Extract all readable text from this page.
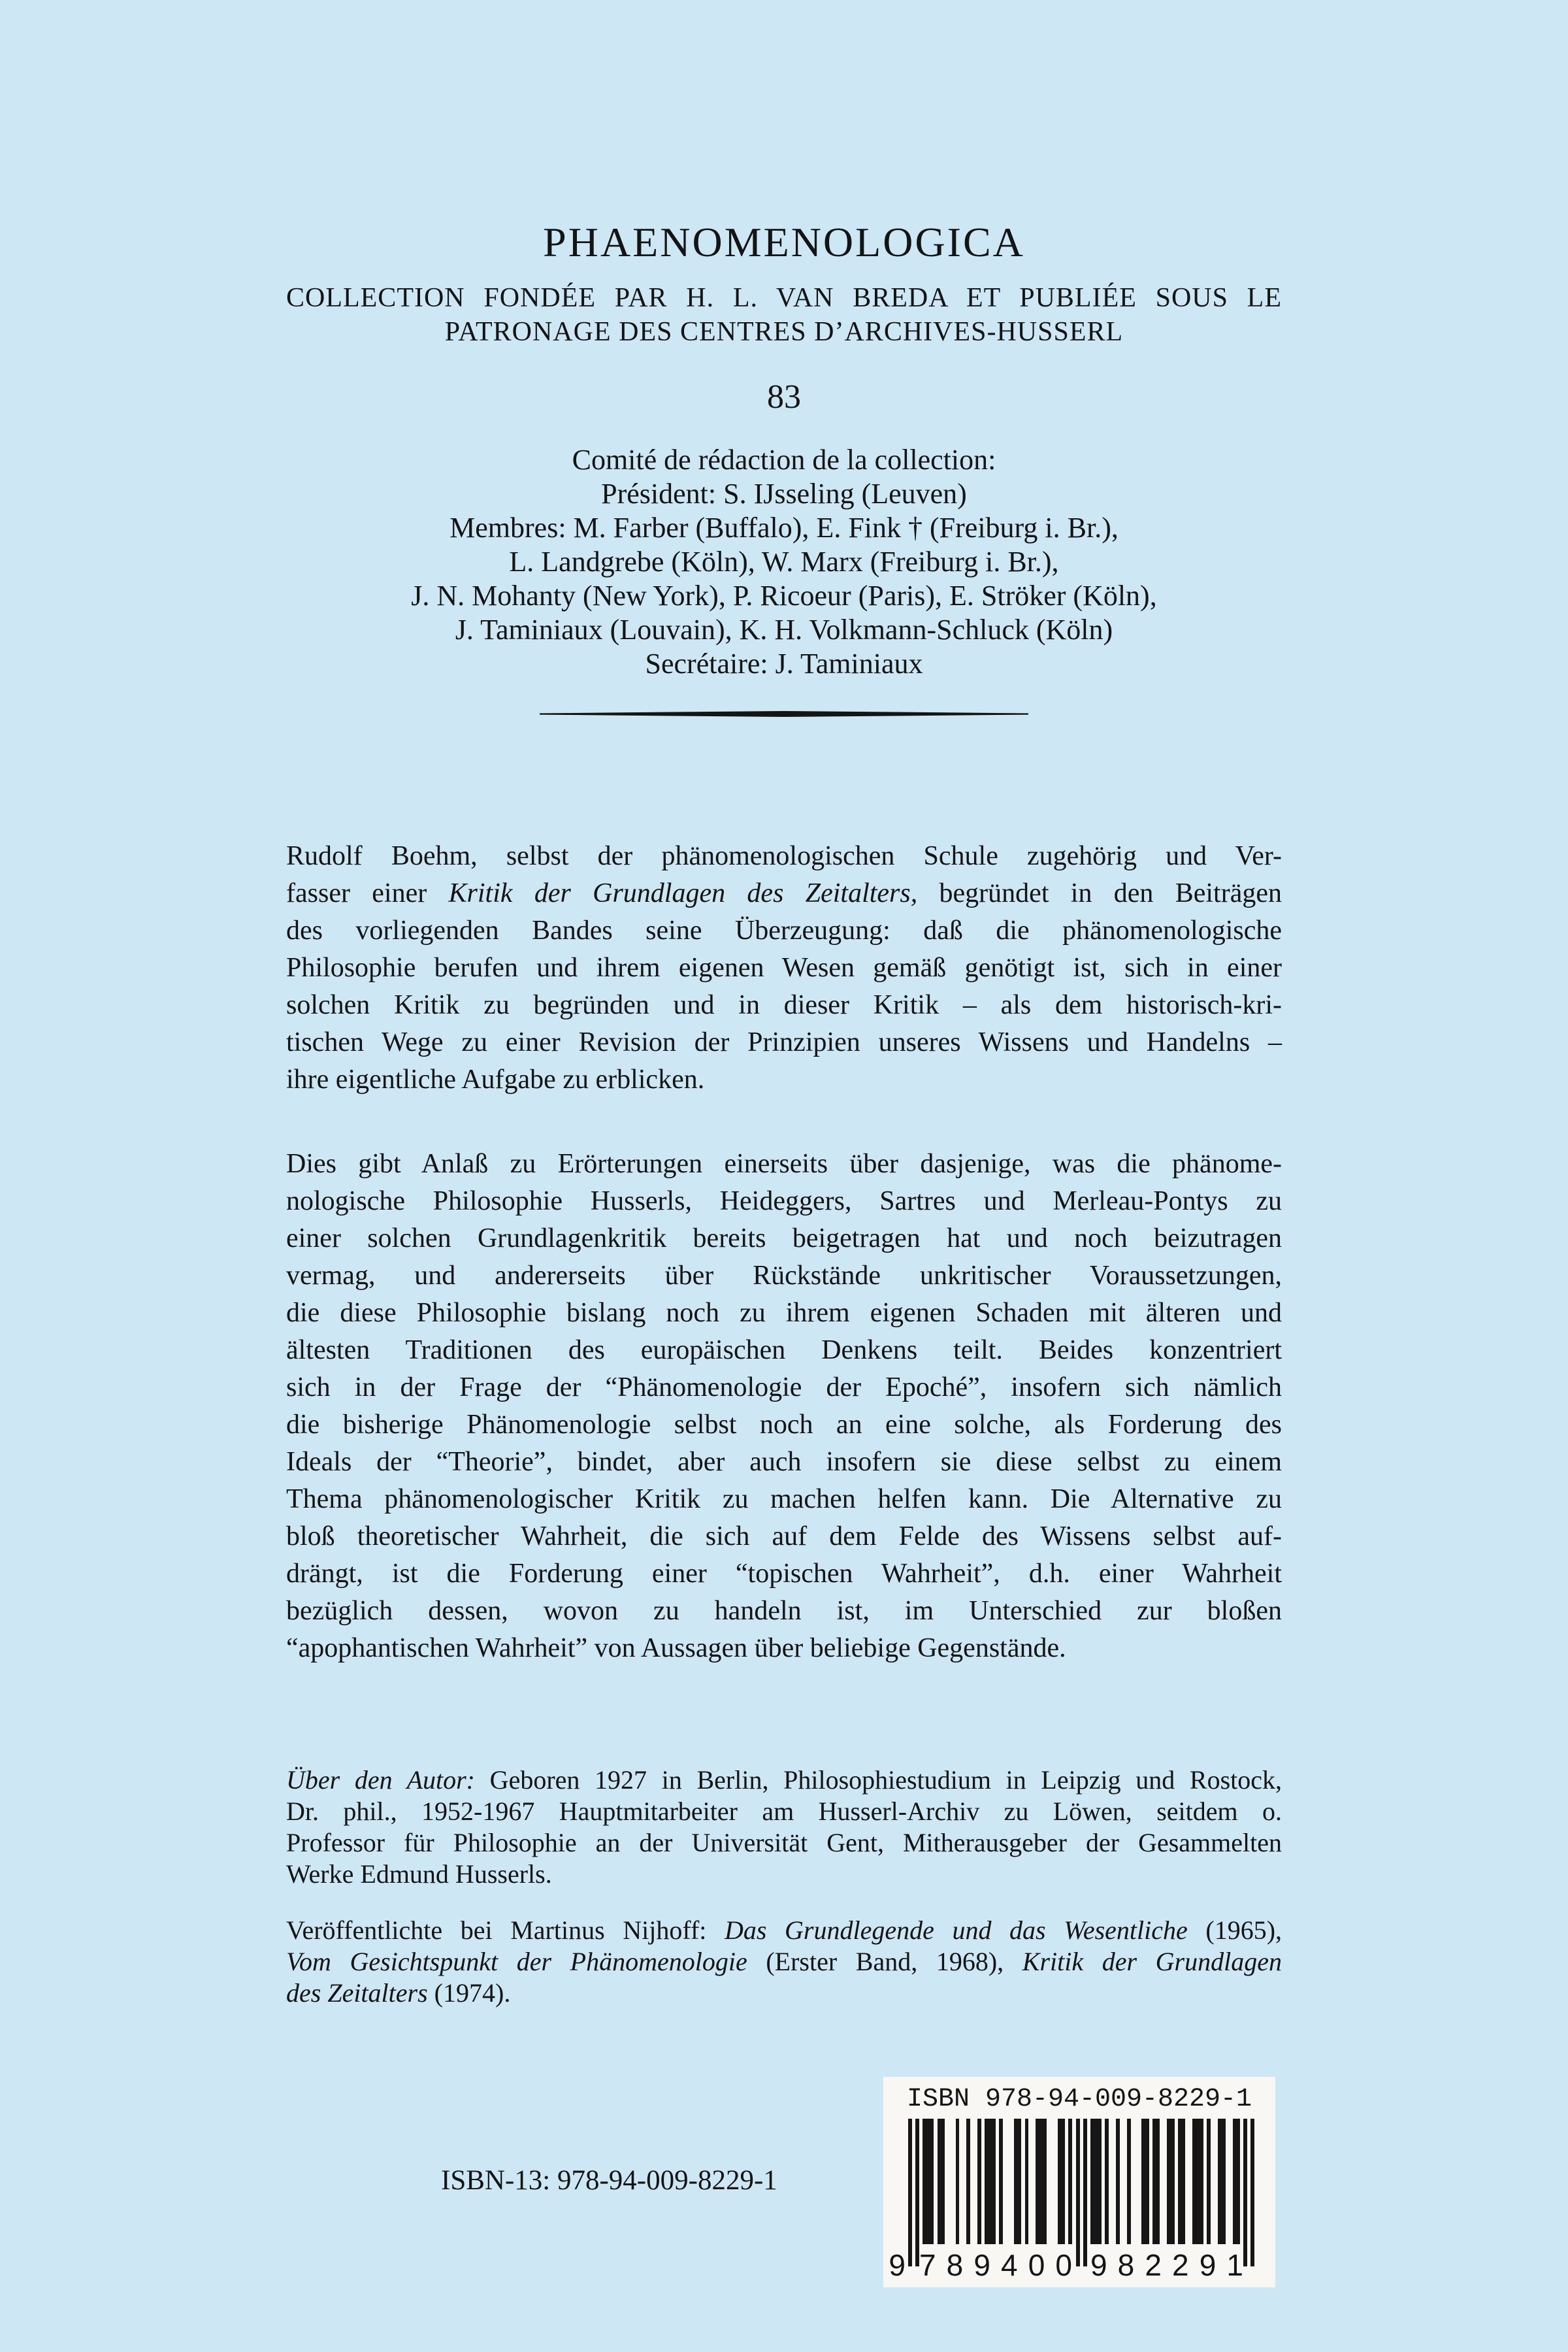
PHAENOMENOLOGICA
COLLECTION FONDÉE PAR H. L. VAN BREDA ET PUBLIÉE SOUS LE
PATRONAGE DES CENTRES D’ARCHIVES-HUSSERL
83
Comité de rédaction de la collection:
Président: S. IJsseling (Leuven)
Membres: M. Farber (Buffalo), E. Fink † (Freiburg i. Br.),
L. Landgrebe (Köln), W. Marx (Freiburg i. Br.),
J. N. Mohanty (New York), P. Ricoeur (Paris), E. Ströker (Köln),
J. Taminiaux (Louvain), K. H. Volkmann-Schluck (Köln)
Secrétaire: J. Taminiaux
Rudolf Boehm, selbst der phänomenologischen Schule zugehörig und Ver-
fasser einer Kritik der Grundlagen des Zeitalters, begründet in den Beiträgen
des vorliegenden Bandes seine Überzeugung: daß die phänomenologische
Philosophie berufen und ihrem eigenen Wesen gemäß genötigt ist, sich in einer
solchen Kritik zu begründen und in dieser Kritik – als dem historisch-kri-
tischen Wege zu einer Revision der Prinzipien unseres Wissens und Handelns –
ihre eigentliche Aufgabe zu erblicken.
Dies gibt Anlaß zu Erörterungen einerseits über dasjenige, was die phänome-
nologische Philosophie Husserls, Heideggers, Sartres und Merleau-Pontys zu
einer solchen Grundlagenkritik bereits beigetragen hat und noch beizutragen
vermag, und andererseits über Rückstände unkritischer Voraussetzungen,
die diese Philosophie bislang noch zu ihrem eigenen Schaden mit älteren und
ältesten Traditionen des europäischen Denkens teilt. Beides konzentriert
sich in der Frage der “Phänomenologie der Epoché”, insofern sich nämlich
die bisherige Phänomenologie selbst noch an eine solche, als Forderung des
Ideals der “Theorie”, bindet, aber auch insofern sie diese selbst zu einem
Thema phänomenologischer Kritik zu machen helfen kann. Die Alternative zu
bloß theoretischer Wahrheit, die sich auf dem Felde des Wissens selbst auf-
drängt, ist die Forderung einer “topischen Wahrheit”, d.h. einer Wahrheit
bezüglich dessen, wovon zu handeln ist, im Unterschied zur bloßen
“apophantischen Wahrheit” von Aussagen über beliebige Gegenstände.
Über den Autor: Geboren 1927 in Berlin, Philosophiestudium in Leipzig und Rostock,
Dr. phil., 1952-1967 Hauptmitarbeiter am Husserl-Archiv zu Löwen, seitdem o.
Professor für Philosophie an der Universität Gent, Mitherausgeber der Gesammelten
Werke Edmund Husserls.
Veröffentlichte bei Martinus Nijhoff: Das Grundlegende und das Wesentliche (1965),
Vom Gesichtspunkt der Phänomenologie (Erster Band, 1968), Kritik der Grundlagen
des Zeitalters (1974).
ISBN-13: 978-94-009-8229-1
ISBN 978-94-009-8229-1
9 7 8 9 4 0 0 9 8 2 2 9 1
